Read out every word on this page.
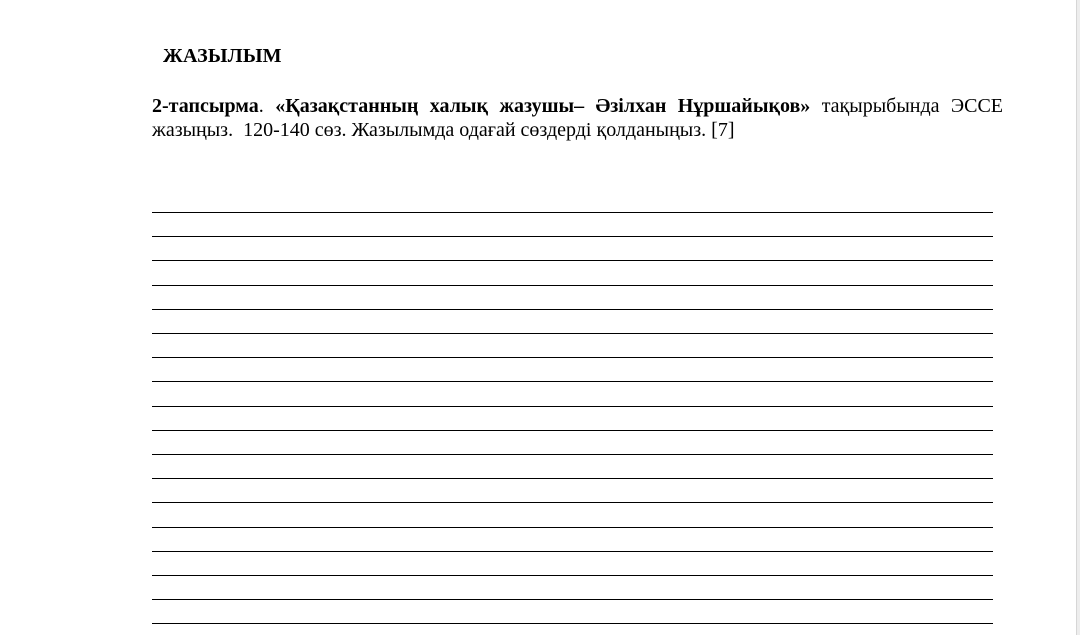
ЖАЗЫЛЫМ
2-тапсырма. «Қазақстанның халық жазушы– Әзілхан Нұршайықов» тақырыбында ЭССЕ жазыңыз. 120-140 сөз. Жазылымда одағай сөздерді қолданыңыз. [7]
